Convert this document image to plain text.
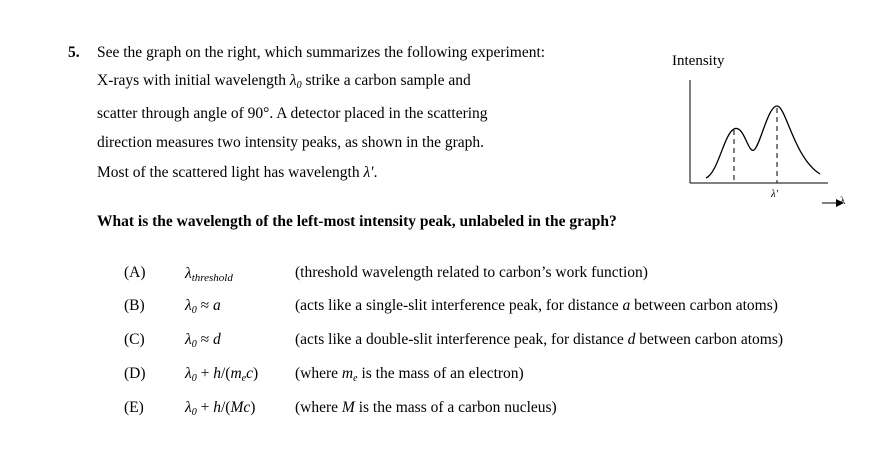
5. See the graph on the right, which summarizes the following experiment:
X-rays with initial wavelength $\lambda_0$ strike a carbon sample and
scatter through angle of 90°. A detector placed in the scattering
direction measures two intensity peaks, as shown in the graph.
Most of the scattered light has wavelength λ′.
What is the wavelength of the left-most intensity peak, unlabeled in the graph?
Intensity
λ'
λ
(A)	$\lambda_{threshold}$	(threshold wavelength related to carbon’s work function)
(B)	$\lambda_0 \approx a$	(acts like a single-slit interference peak, for distance a between carbon atoms)
(C)	$\lambda_0 \approx d$	(acts like a double-slit interference peak, for distance d between carbon atoms)
(D)	$\lambda_0 + h/(m_ec)$ (where $m_e$ is the mass of an electron)
(E)	$\lambda_0 + h/(Mc)$	(where M is the mass of a carbon nucleus)
